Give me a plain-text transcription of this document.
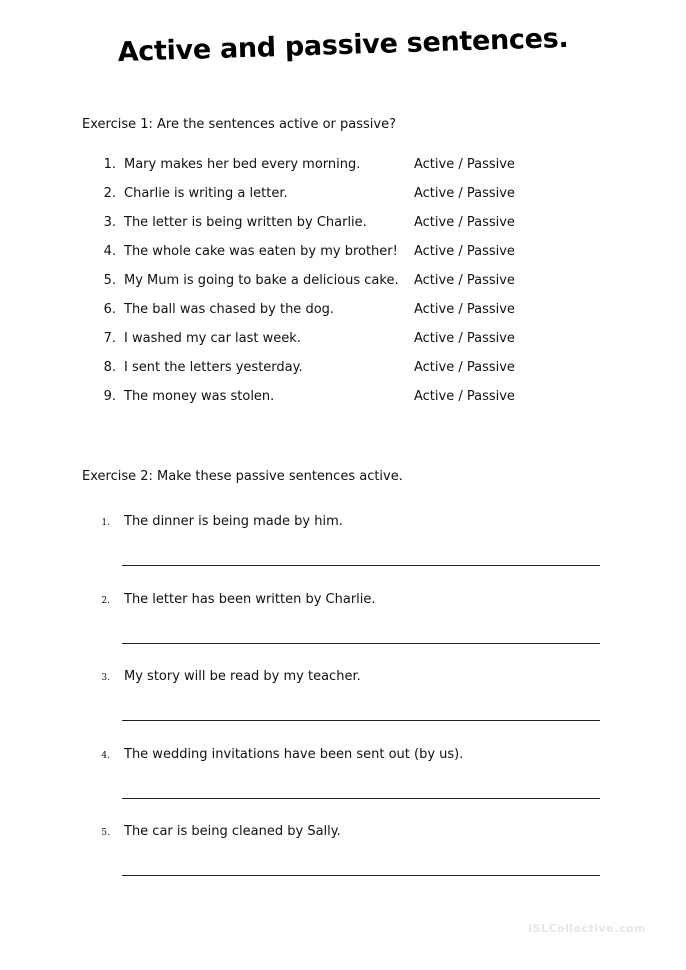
Active and passive sentences.
Exercise 1: Are the sentences active or passive?
1. Mary makes her bed every morning.	Active / Passive
2. Charlie is writing a letter.	Active / Passive
3. The letter is being written by Charlie.	Active / Passive
4. The whole cake was eaten by my brother! Active / Passive
5. My Mum is going to bake a delicious cake. Active / Passive
6. The ball was chased by the dog.	Active / Passive
7. I washed my car last week.	Active / Passive
8. I sent the letters yesterday.	Active / Passive
9. The money was stolen.	Active / Passive
Exercise 2: Make these passive sentences active.
1. The dinner is being made by him.
2. The letter has been written by Charlie.
3. My story will be read by my teacher.
4. The wedding invitations have been sent out (by us).
5. The car is being cleaned by Sally.
iSLCollective.com
